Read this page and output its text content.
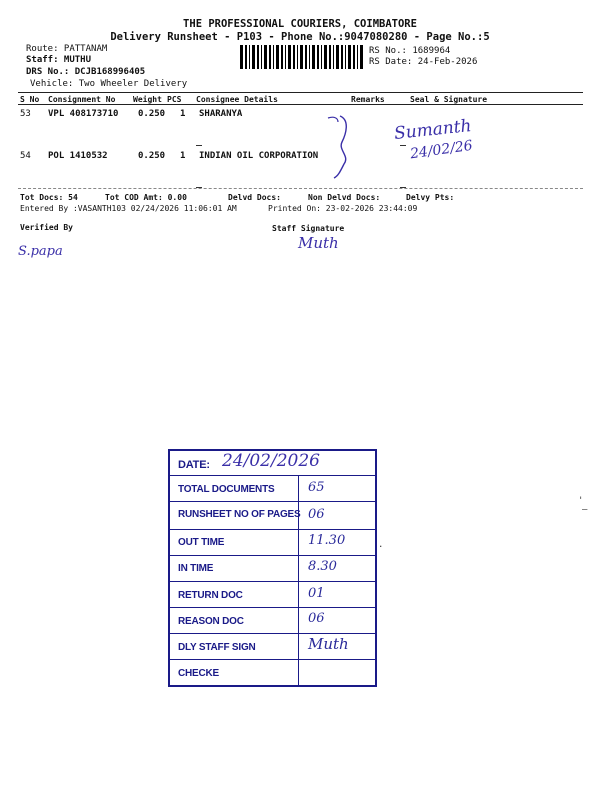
THE PROFESSIONAL COURIERS, COIMBATORE
Delivery Runsheet - P103 - Phone No.:9047080280 - Page No.:5
Route: PATTANAM
Staff: MUTHU
DRS No.: DCJB168996405
Vehicle: Two Wheeler Delivery
RS No.: 1689964
RS Date: 24-Feb-2026
S No Consignment No Weight PCS Consignee Details	Remarks	Seal & Signature
53 VPL 408173710 0.250 1 SHARANYA
54 POL 1410532	0.250 1 INDIAN OIL CORPORATION
Sumanth
24/02/26
Tot Docs: 54	Tot COD Amt: 0.00	Delvd Docs:	Non Delvd Docs:	Delvy Pts:
Entered By :VASANTH103 02/24/2026 11:06:01 AM	Printed On: 23-02-2026 23:44:09
Verified By	Staff Signature
S.papa	Muth
DATE: 24/02/2026
TOTAL DOCUMENTS	65
RUNSHEET NO OF PAGES 06
OUT TIME	11.30
IN TIME	8.30
RETURN DOC	01
REASON DOC	06
DLY STAFF SIGN	Muth
CHECKE
'
–
.
